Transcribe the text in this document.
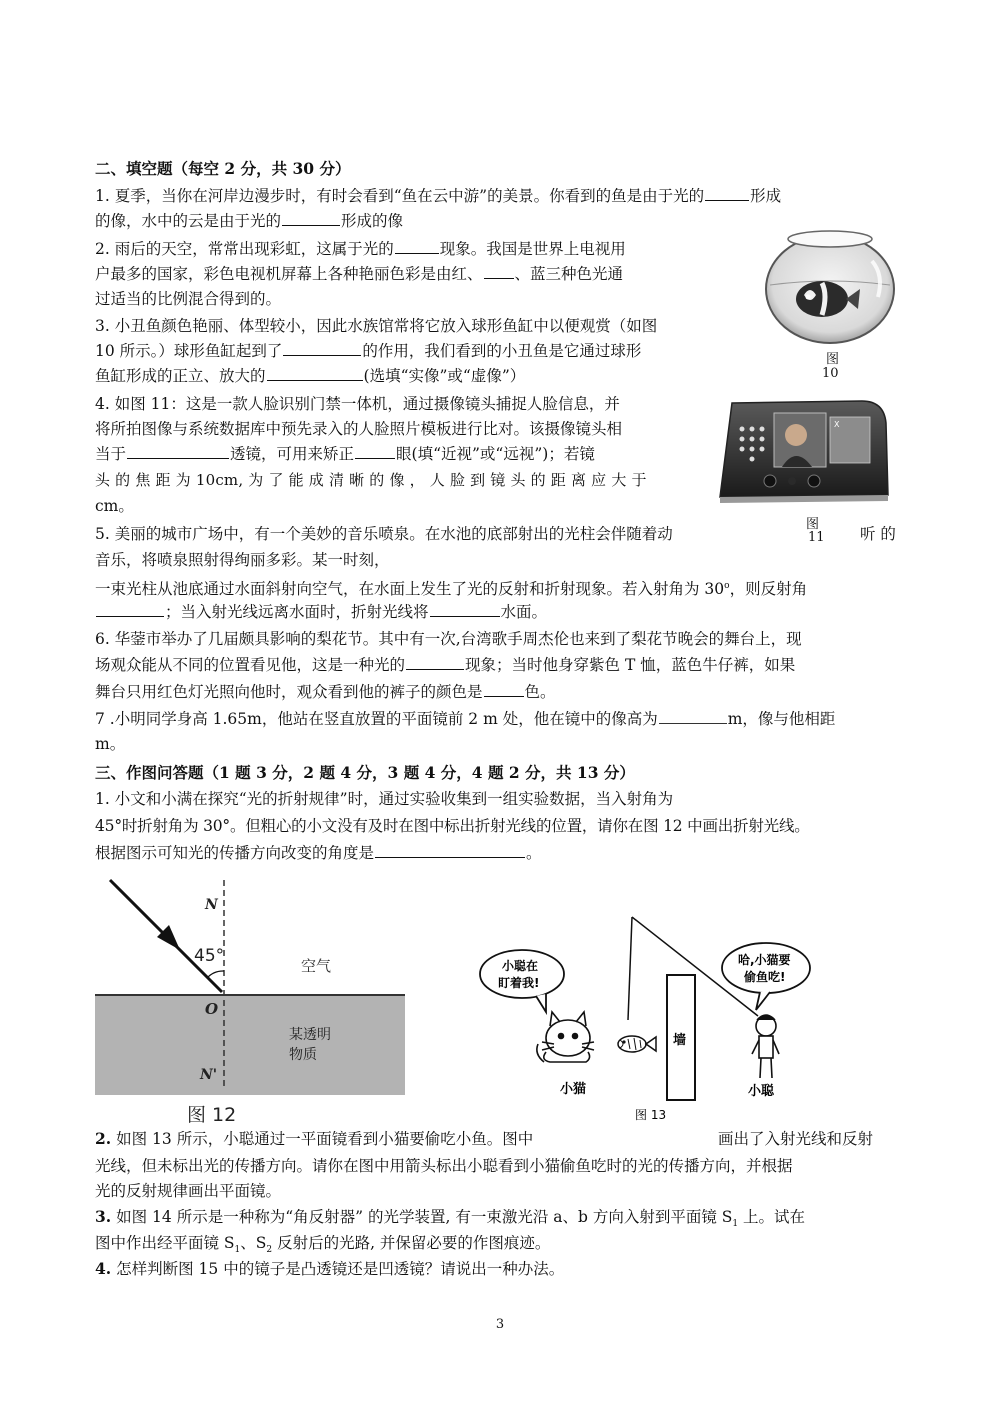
二、填空题（每空 2 分，共 30 分）
1. 夏季，当你在河岸边漫步时，有时会看到“鱼在云中游”的美景。你看到的鱼是由于光的	形成
的像，水中的云是由于光的	形成的像
2. 雨后的天空，常常出现彩虹，这属于光的	现象。我国是世界上电视用
户最多的国家，彩色电视机屏幕上各种艳丽色彩是由红、 、蓝三种色光通
过适当的比例混合得到的。
3. 小丑鱼颜色艳丽、体型较小，因此水族馆常将它放入球形鱼缸中以便观赏（如图
10 所示。）球形鱼缸起到了	的作用，我们看到的小丑鱼是它通过球形
鱼缸形成的正立、放大的	(选填“实像”或“虚像”）
4. 如图 11：这是一款人脸识别门禁一体机，通过摄像镜头捕捉人脸信息，并
将所拍图像与系统数据库中预先录入的人脸照片模板进行比对。该摄像镜头相
当于	透镜，可用来矫正	眼(填“近视”或“远视”)；若镜
头 的 焦 距 为 10cm, 为 了 能 成 清 晰 的 像 ， 人 脸 到 镜 头 的 距 离 应 大 于
cm。
5. 美丽的城市广场中，有一个美妙的音乐喷泉。在水池的底部射出的光柱会伴随着动	听 的
音乐，将喷泉照射得绚丽多彩。某一时刻，
一束光柱从池底通过水面斜射向空气，在水面上发生了光的反射和折射现象。若入射角为 30$^o$，则反射角
；当入射光线远离水面时，折射光线将	水面。
6. 华蓥市举办了几届颇具影响的梨花节。其中有一次,台湾歌手周杰伦也来到了梨花节晚会的舞台上，现
场观众能从不同的位置看见他，这是一种光的	现象；当时他身穿紫色 T 恤，蓝色牛仔裤，如果
舞台只用红色灯光照向他时，观众看到他的裤子的颜色是	色。
7 .小明同学身高 1.65m，他站在竖直放置的平面镜前 2 m 处，他在镜中的像高为	m，像与他相距
m。
三、作图问答题（1 题 3 分，2 题 4 分，3 题 4 分，4 题 2 分，共 13 分）
1. 小文和小满在探究“光的折射规律”时，通过实验收集到一组实验数据，当入射角为
45°时折射角为 30°。但粗心的小文没有及时在图中标出折射光线的位置，请你在图 12 中画出折射光线。
根据图示可知光的传播方向改变的角度是	。
2. 如图 13 所示，小聪通过一平面镜看到小猫要偷吃小鱼。图中	画出了入射光线和反射
光线，但未标出光的传播方向。请你在图中用箭头标出小聪看到小猫偷鱼吃时的光的传播方向，并根据
光的反射规律画出平面镜。
3. 如图 14 所示是一种称为“角反射器” 的光学装置, 有一束激光沿 a、b 方向入射到平面镜 $S_1$ 上。试在
图中作出经平面镜 $S_1$、$S_2$ 反射后的光路, 并保留必要的作图痕迹。
4. 怎样判断图 15 中的镜子是凸透镜还是凹透镜？请说出一种办法。
图
10
X
图
11
45°
N
N'
O
空气
某透明
物质
图 12
小聪在
盯着我!
哈,小猫要
偷鱼吃!
墙
小猫	小聪
图 13
3
